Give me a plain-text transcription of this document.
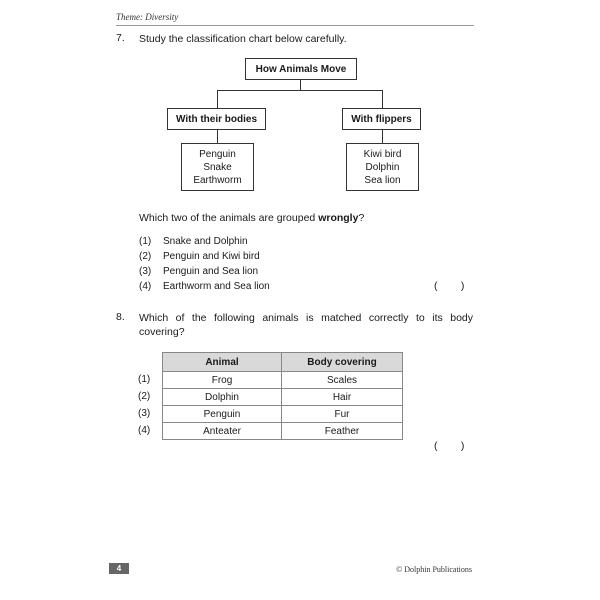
Theme: Diversity
7. Study the classification chart below carefully.
How Animals Move
With their bodies	With flippers
Penguin
Snake
Earthworm
Kiwi bird
Dolphin
Sea lion
Which two of the animals are grouped wrongly?
(1) Snake and Dolphin
(2) Penguin and Kiwi bird
(3) Penguin and Sea lion
(4) Earthworm and Sea lion	(        )
8. Which of the following animals is matched correctly to its body
covering?
Animal	Body covering
Frog	Scales
Dolphin	Hair
Penguin	Fur
Anteater	Feather
(1)
(2)
(3)
(4)
(        )
4	© Dolphin Publications
